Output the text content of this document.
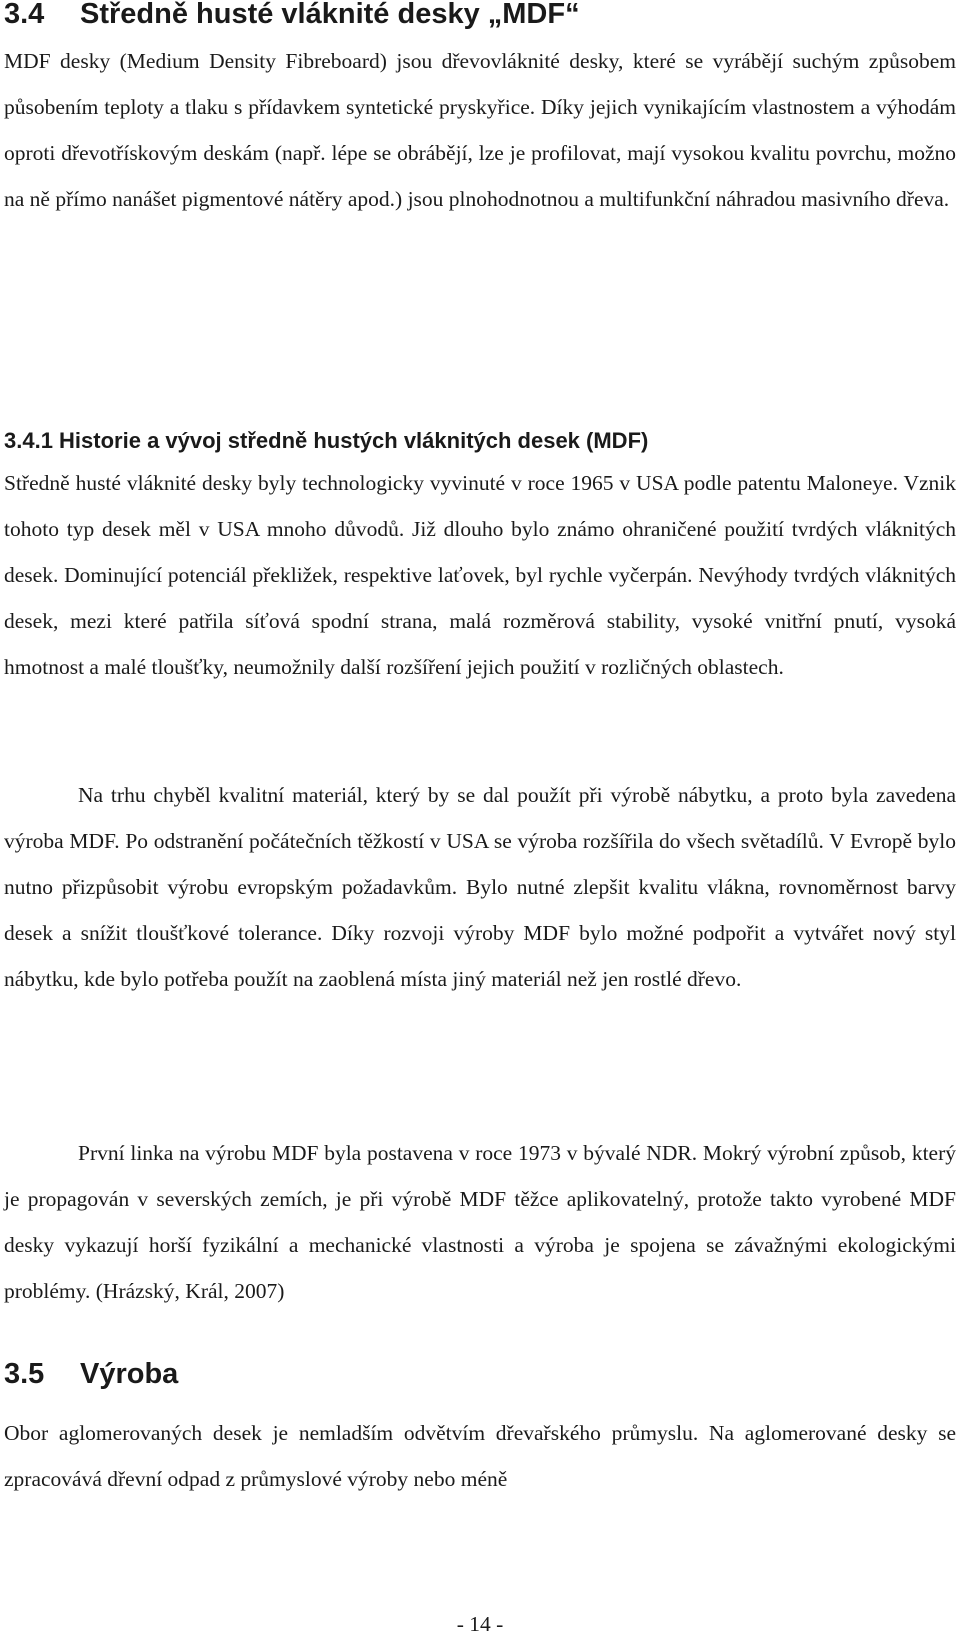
3.4 Středně husté vláknité desky „MDF“

MDF desky (Medium Density Fibreboard) jsou dřevovláknité desky, které se vyrábějí suchým způsobem působením teploty a tlaku s přídavkem syntetické pryskyřice. Díky jejich vynikajícím vlastnostem a výhodám oproti dřevotřískovým deskám (např. lépe se obrábějí, lze je profilovat, mají vysokou kvalitu povrchu, možno na ně přímo nanášet pigmentové nátěry apod.) jsou plnohodnotnou a multifunkční náhradou masivního dřeva.

3.4.1 Historie a vývoj středně hustých vláknitých desek (MDF)

Středně husté vláknité desky byly technologicky vyvinuté v roce 1965 v USA podle patentu Maloneye. Vznik tohoto typ desek měl v USA mnoho důvodů. Již dlouho bylo známo ohraničené použití tvrdých vláknitých desek. Dominující potenciál překližek, respektive laťovek, byl rychle vyčerpán. Nevýhody tvrdých vláknitých desek, mezi které patřila síťová spodní strana, malá rozměrová stability, vysoké vnitřní pnutí, vysoká hmotnost a malé tloušťky, neumožnily další rozšíření jejich použití v rozličných oblastech.

Na trhu chyběl kvalitní materiál, který by se dal použít při výrobě nábytku, a proto byla zavedena výroba MDF. Po odstranění počátečních těžkostí v USA se výroba rozšířila do všech světadílů. V Evropě bylo nutno přizpůsobit výrobu evropským požadavkům. Bylo nutné zlepšit kvalitu vlákna, rovnoměrnost barvy desek a snížit tloušťkové tolerance. Díky rozvoji výroby MDF bylo možné podpořit a vytvářet nový styl nábytku, kde bylo potřeba použít na zaoblená místa jiný materiál než jen rostlé dřevo.

První linka na výrobu MDF byla postavena v roce 1973 v bývalé NDR. Mokrý výrobní způsob, který je propagován v severských zemích, je při výrobě MDF těžce aplikovatelný, protože takto vyrobené MDF desky vykazují horší fyzikální a mechanické vlastnosti a výroba je spojena se závažnými ekologickými problémy. (Hrázský, Král, 2007)

3.5 Výroba

Obor aglomerovaných desek je nemladším odvětvím dřevařského průmyslu. Na aglomerované desky se zpracovává dřevní odpad z průmyslové výroby nebo méně

- 14 -
